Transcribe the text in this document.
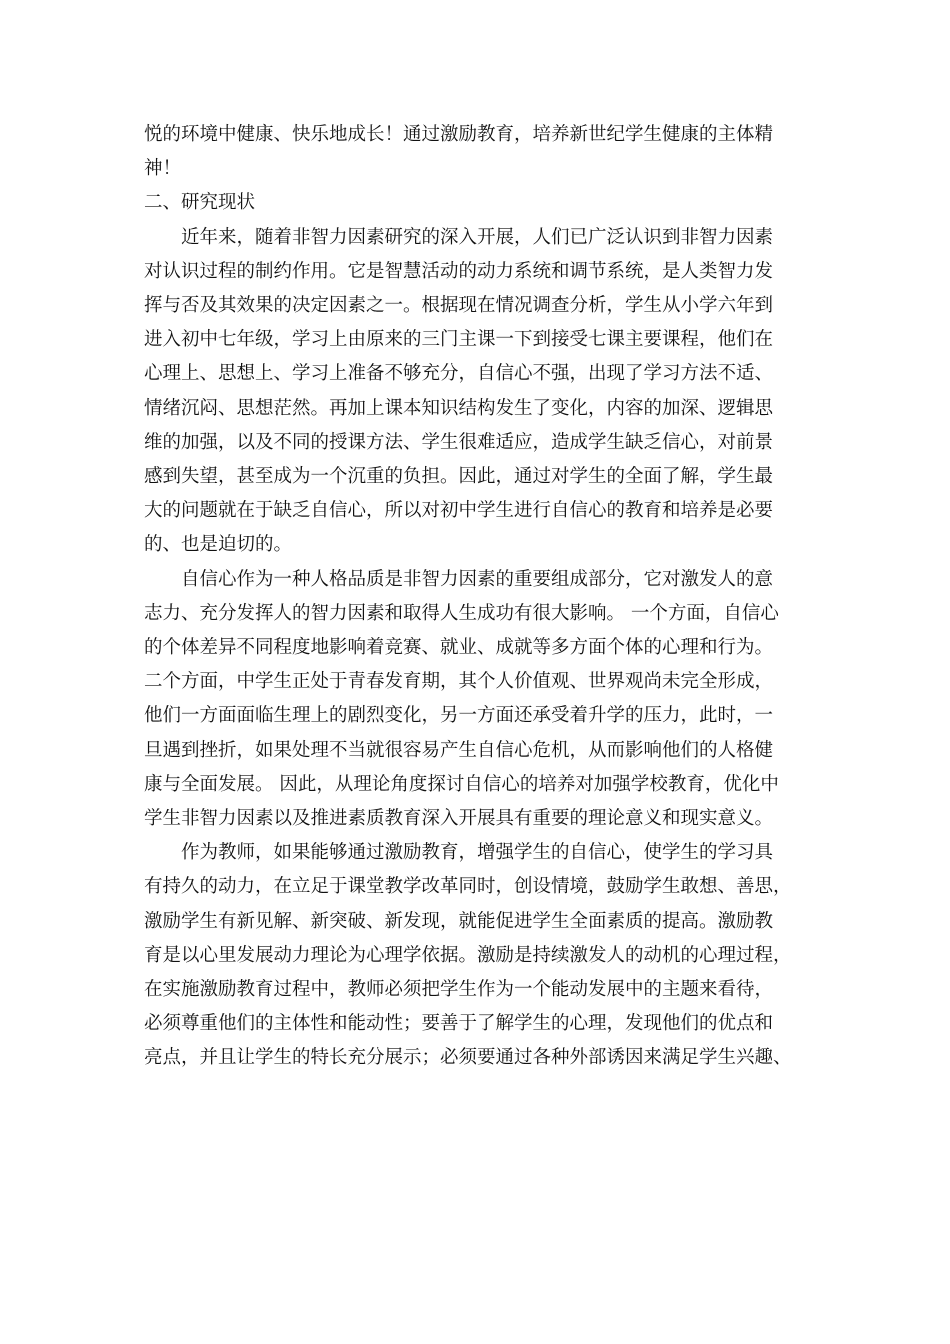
悦的环境中健康、快乐地成长！通过激励教育，培养新世纪学生健康的主体精
神！
二、研究现状
　　近年来，随着非智力因素研究的深入开展，人们已广泛认识到非智力因素
对认识过程的制约作用。它是智慧活动的动力系统和调节系统，是人类智力发
挥与否及其效果的决定因素之一。根据现在情况调查分析，学生从小学六年到
进入初中七年级，学习上由原来的三门主课一下到接受七课主要课程，他们在
心理上、思想上、学习上准备不够充分，自信心不强，出现了学习方法不适、
情绪沉闷、思想茫然。再加上课本知识结构发生了变化，内容的加深、逻辑思
维的加强，以及不同的授课方法、学生很难适应，造成学生缺乏信心，对前景
感到失望，甚至成为一个沉重的负担。因此，通过对学生的全面了解，学生最
大的问题就在于缺乏自信心，所以对初中学生进行自信心的教育和培养是必要
的、也是迫切的。
　　自信心作为一种人格品质是非智力因素的重要组成部分，它对激发人的意
志力、充分发挥人的智力因素和取得人生成功有很大影响。 一个方面，自信心
的个体差异不同程度地影响着竞赛、就业、成就等多方面个体的心理和行为。
二个方面，中学生正处于青春发育期，其个人价值观、世界观尚未完全形成，
他们一方面面临生理上的剧烈变化，另一方面还承受着升学的压力，此时，一
旦遇到挫折，如果处理不当就很容易产生自信心危机，从而影响他们的人格健
康与全面发展。 因此，从理论角度探讨自信心的培养对加强学校教育，优化中
学生非智力因素以及推进素质教育深入开展具有重要的理论意义和现实意义。
　　作为教师，如果能够通过激励教育，增强学生的自信心，使学生的学习具
有持久的动力，在立足于课堂教学改革同时，创设情境，鼓励学生敢想、善思，
激励学生有新见解、新突破、新发现，就能促进学生全面素质的提高。激励教
育是以心里发展动力理论为心理学依据。激励是持续激发人的动机的心理过程，
在实施激励教育过程中，教师必须把学生作为一个能动发展中的主题来看待，
必须尊重他们的主体性和能动性；要善于了解学生的心理，发现他们的优点和
亮点，并且让学生的特长充分展示；必须要通过各种外部诱因来满足学生兴趣、
